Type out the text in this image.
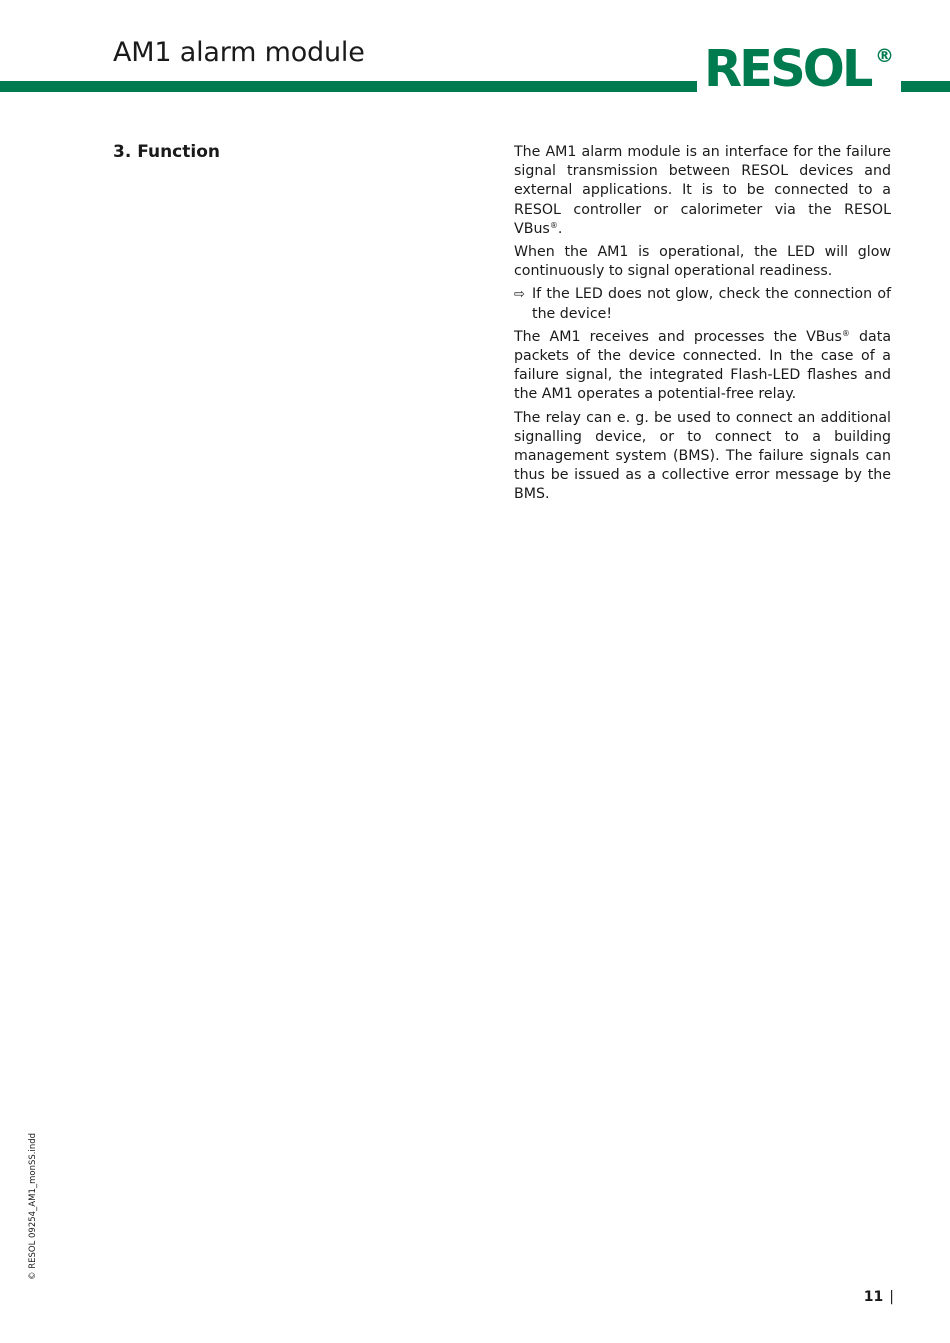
AM1 alarm module	RESOL ®
3. Function	The AM1 alarm module is an interface for the failure signal transmission between RESOL devices and external applications. It is to be connected to a RESOL controller or calorimeter via the RESOL VBus®.

When the AM1 is operational, the LED will glow continuously to signal operational readiness.

⇨ If the LED does not glow, check the connection of the device!

The AM1 receives and processes the VBus® data packets of the device connected. In the case of a failure signal, the integrated Flash-LED flashes and the AM1 operates a potential-free relay.

The relay can e. g. be used to connect an additional signalling device, or to connect to a building management system (BMS). The failure signals can thus be issued as a collective error message by the BMS.

© RESOL 09254_AM1_monSS.indd
11 |
